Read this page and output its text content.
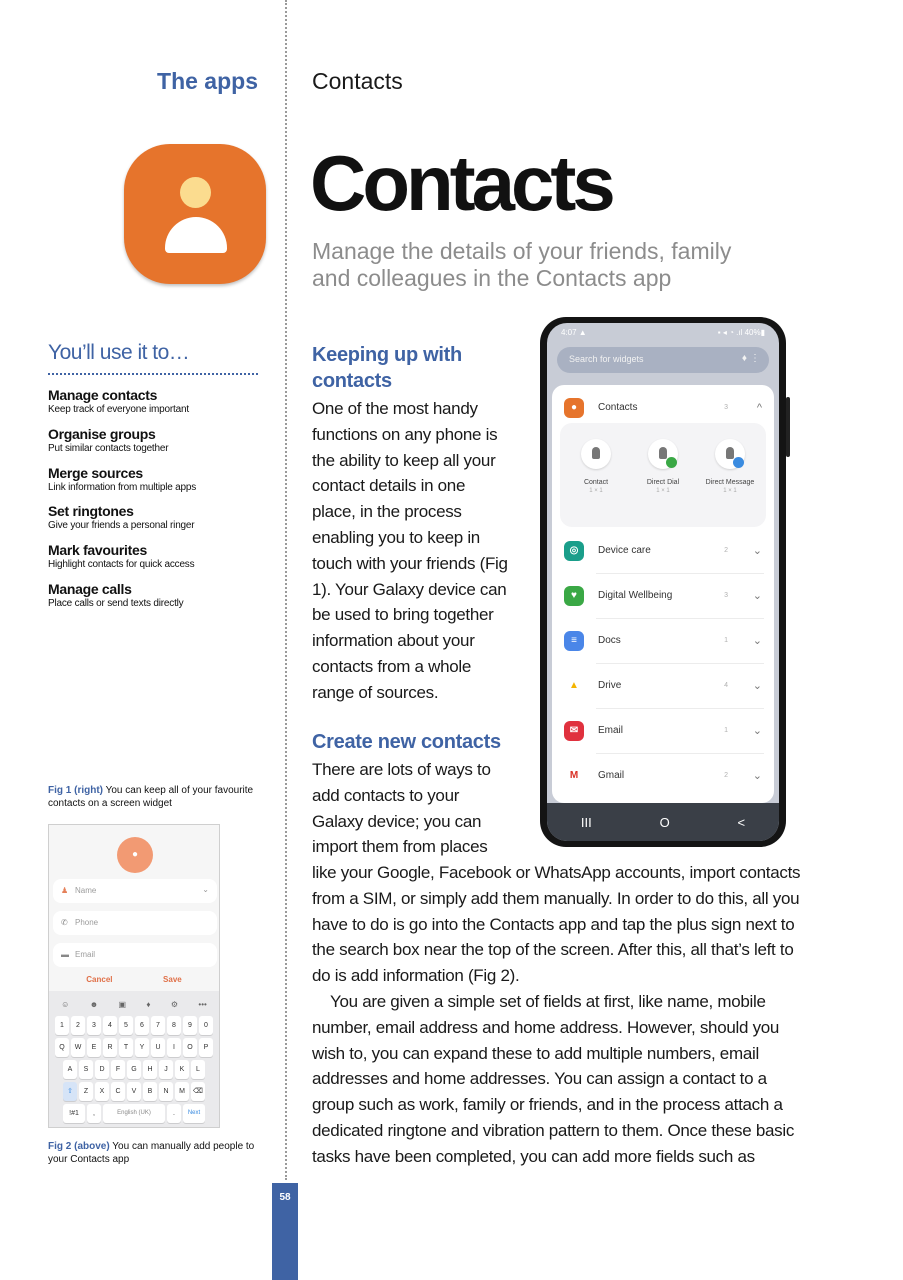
The apps Contacts
Contacts
Manage the details of your friends, family and colleagues in the Contacts app
You’ll use it to…
Manage contacts
Keep track of everyone important
Organise groups
Put similar contacts together
Merge sources
Link information from multiple apps
Set ringtones
Give your friends a personal ringer
Mark favourites
Highlight contacts for quick access
Manage calls
Place calls or send texts directly
Fig 1 (right) You can keep all of your favourite contacts on a screen widget
●
♟ Name	⌄
✆ Phone
▬ Email
Cancel	Save
☺	☻	▣	♦	⚙	•••
1	2	3	4	5	6	7	8	9	0
Q	W	E	R	T	Y	U	I	O	P
A	S	D	F	G	H	J	K	L
⇧	Z	X	C	V	B	N	M	⌫
!#1	,	English (UK)	.	Next
Fig 2 (above) You can manually add people to your Contacts app
Keeping up with contacts
One of the most handy functions on any phone is the ability to keep all your contact details in one place, in the process enabling you to keep in touch with your friends (Fig 1). Your Galaxy device can be used to bring together information about your contacts from a whole range of sources.
Create new contacts
There are lots of ways to add contacts to your Galaxy device; you can import them from places

like your Google, Facebook or WhatsApp accounts, import contacts from a SIM, or simply add them manually. In order to do this, all you have to do is go into the Contacts app and tap the plus sign next to the search box near the top of the screen. After this, all that’s left to do is add information (Fig 2).

You are given a simple set of fields at first, like name, mobile number, email address and home address. However, should you wish to, you can expand these to add multiple numbers, email addresses and home addresses. You can assign a contact to a group such as work, family or friends, and in the process attach a dedicated ringtone and vibration pattern to them. Once these basic tasks have been completed, you can add more fields such as

4:07 ▲	▪ ◂ ◔ .ıl 40%▮
Search for widgets	♦ ⋮
●	Contacts	3	^
Contact
1 × 1
Direct Dial
1 × 1
Direct Message
1 × 1
◎	Device care	2	⌄
♥	Digital Wellbeing	3	⌄
≡	Docs	1	⌄
▲	Drive	4	⌄
✉	Email	1	⌄
M	Gmail	2	⌄
III	O	<
58
